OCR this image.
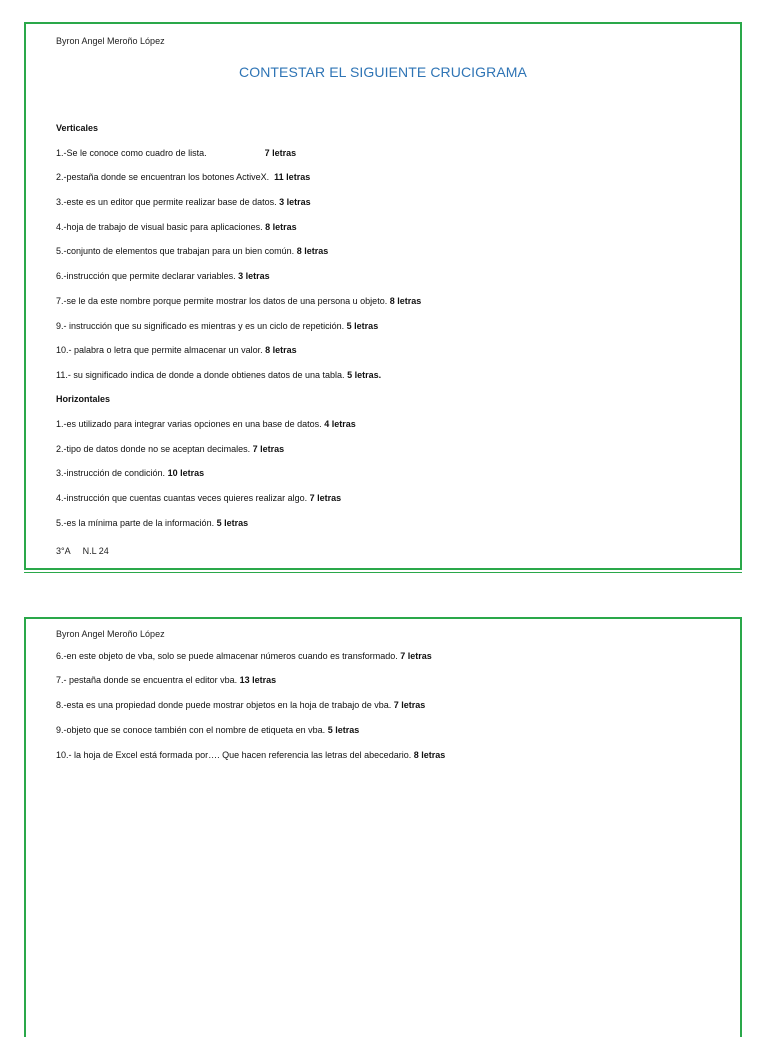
Byron Angel Meroño López
CONTESTAR EL SIGUIENTE CRUCIGRAMA
Verticales
1.-Se le conoce como cuadro de lista.	7 letras
2.-pestaña donde se encuentran los botones ActiveX. 11 letras
3.-este es un editor que permite realizar base de datos. 3 letras
4.-hoja de trabajo de visual basic para aplicaciones. 8 letras
5.-conjunto de elementos que trabajan para un bien común. 8 letras
6.-instrucción que permite declarar variables. 3 letras
7.-se le da este nombre porque permite mostrar los datos de una persona u objeto. 8 letras
9.- instrucción que su significado es mientras y es un ciclo de repetición. 5 letras
10.- palabra o letra que permite almacenar un valor. 8 letras
11.- su significado indica de donde a donde obtienes datos de una tabla. 5 letras.
Horizontales
1.-es utilizado para integrar varias opciones en una base de datos. 4 letras
2.-tipo de datos donde no se aceptan decimales. 7 letras
3.-instrucción de condición. 10 letras
4.-instrucción que cuentas cuantas veces quieres realizar algo. 7 letras
5.-es la mínima parte de la información. 5 letras
3°A N.L 24
Byron Angel Meroño López
6.-en este objeto de vba, solo se puede almacenar números cuando es transformado. 7 letras
7.- pestaña donde se encuentra el editor vba. 13 letras
8.-esta es una propiedad donde puede mostrar objetos en la hoja de trabajo de vba. 7 letras
9.-objeto que se conoce también con el nombre de etiqueta en vba. 5 letras
10.- la hoja de Excel está formada por…. Que hacen referencia las letras del abecedario. 8 letras
